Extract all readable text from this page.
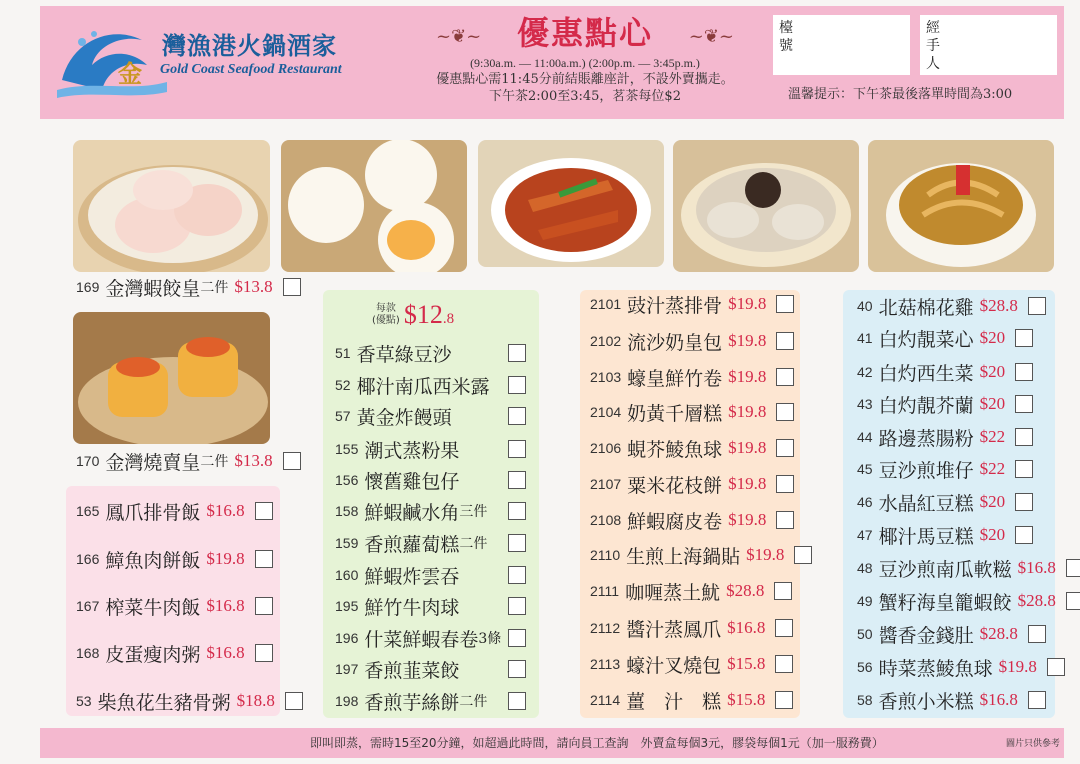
金
灣漁港火鍋酒家
Gold Coast Seafood Restaurant
~❦~	優惠點心	~❦~
(9:30a.m. — 11:00a.m.) (2:00p.m. — 3:45p.m.)
優惠點心需11:45分前結賬離座計，不設外賣攜走。
下午茶2:00至3:45，茗茶每位$2
檯號
經手人
溫馨提示：下午茶最後落單時間為3:00
每款
(優點) $12.8
169 金灣蝦餃皇 二件 $13.8
170 金灣燒賣皇 二件 $13.8
165 鳳爪排骨飯 $16.8
166 鱆魚肉餅飯 $19.8
167 榨菜牛肉飯 $16.8
168 皮蛋瘦肉粥 $16.8
53 柴魚花生豬骨粥 $18.8
51 香草綠豆沙
52 椰汁南瓜西米露
57 黃金炸饅頭
155 潮式蒸粉果
156 懷舊雞包仔
158 鮮蝦鹹水角 三件
159 香煎蘿蔔糕 二件
160 鮮蝦炸雲吞
195 鮮竹牛肉球
196 什菜鮮蝦春卷 3條
197 香煎韮菜餃
198 香煎芋絲餅 二件
2101 豉汁蒸排骨 $19.8
2102 流沙奶皇包 $19.8
2103 蠔皇鮮竹卷 $19.8
2104 奶黃千層糕 $19.8
2106 蜆芥鯪魚球 $19.8
2107 粟米花枝餅 $19.8
2108 鮮蝦腐皮卷 $19.8
2110 生煎上海鍋貼 $19.8
2111 咖喱蒸土魷 $28.8
2112 醬汁蒸鳳爪 $16.8
2113 蠔汁叉燒包 $15.8
2114 薑　汁　糕 $15.8
40 北菇棉花雞 $28.8
41 白灼靚菜心 $20
42 白灼西生菜 $20
43 白灼靚芥蘭 $20
44 路邊蒸腸粉 $22
45 豆沙煎堆仔 $22
46 水晶紅豆糕 $20
47 椰汁馬豆糕 $20
48 豆沙煎南瓜軟糍 $16.8
49 蟹籽海皇籠蝦餃 $28.8
50 醬香金錢肚 $28.8
56 時菜蒸鯪魚球 $19.8
58 香煎小米糕 $16.8
即叫即蒸，需時15至20分鐘，如超過此時間，請向員工查詢　外賣盒每個3元，膠袋每個1元（加一服務費）	圖片只供參考
